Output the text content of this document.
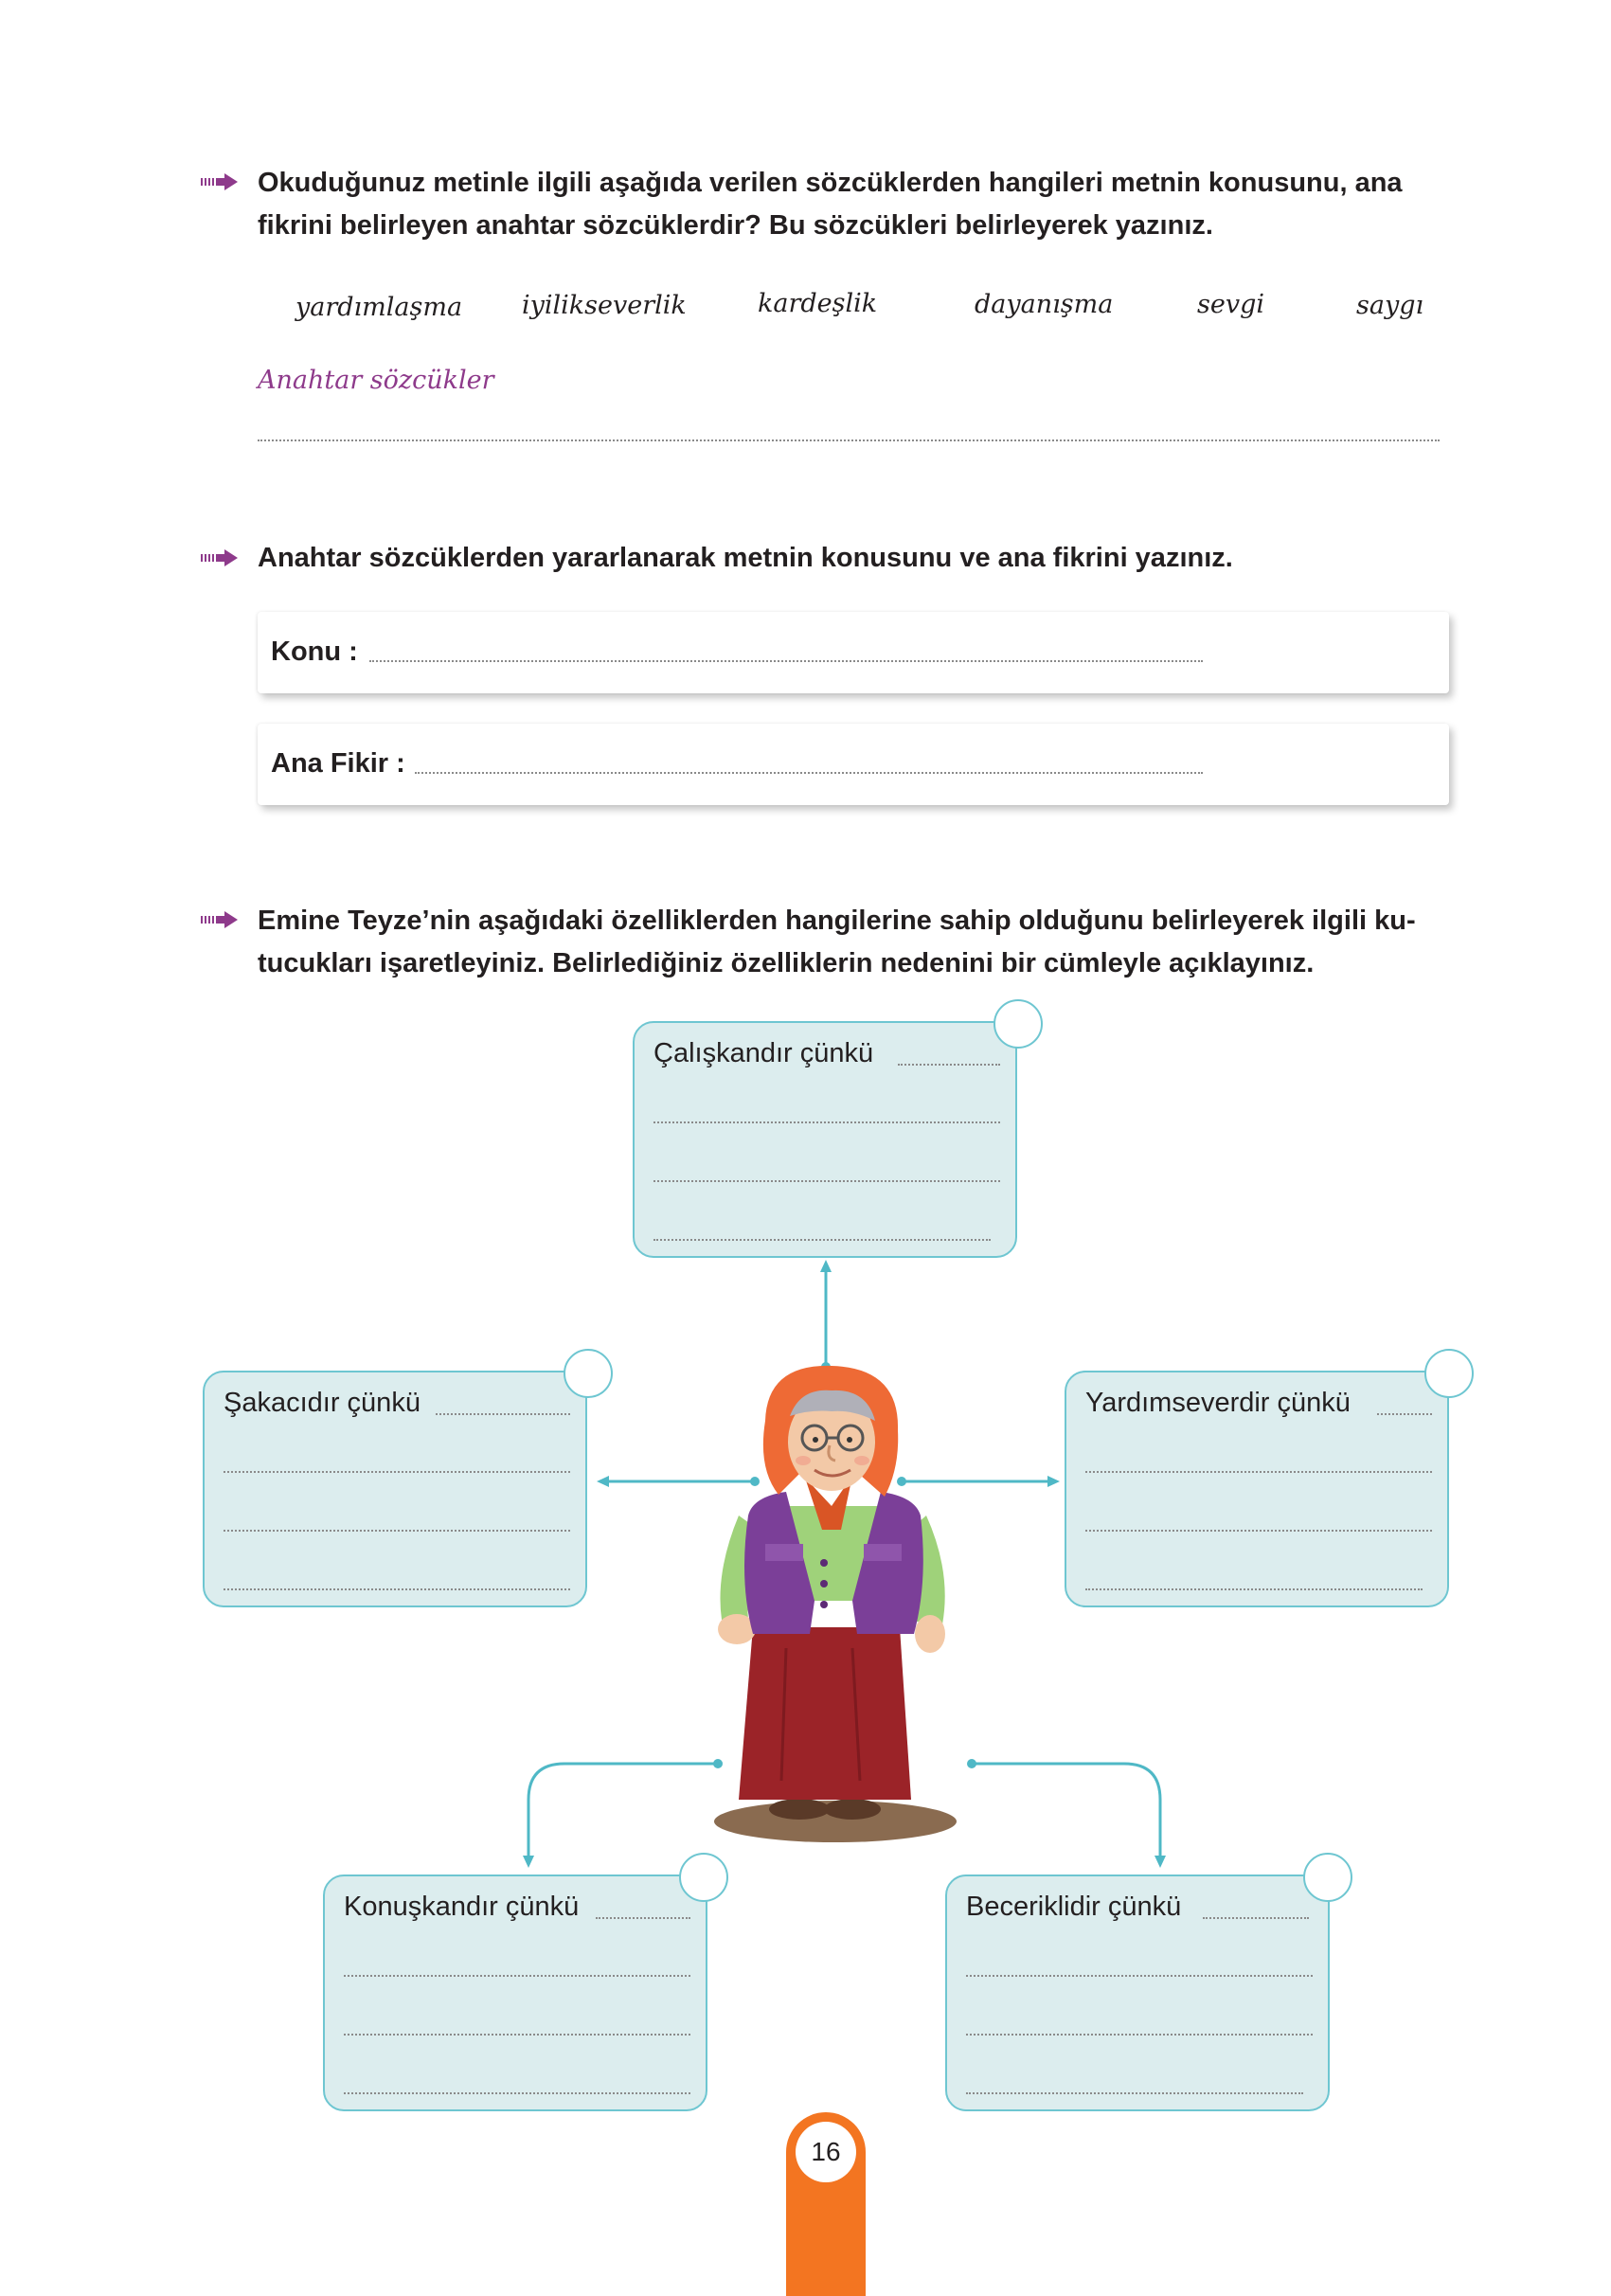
Okuduğunuz metinle ilgili aşağıda verilen sözcüklerden hangileri metnin konusunu, ana
fikrini belirleyen anahtar sözcüklerdir? Bu sözcükleri belirleyerek yazınız.
yardımlaşma iyilikseverlik	kardeşlik	dayanışma	sevgi	saygı
Anahtar sözcükler
Anahtar sözcüklerden yararlanarak metnin konusunu ve ana fikrini yazınız.
Konu :
Ana Fikir :
Emine Teyze’nin aşağıdaki özelliklerden hangilerine sahip olduğunu belirleyerek ilgili ku-
tucukları işaretleyiniz. Belirlediğiniz özelliklerin nedenini bir cümleyle açıklayınız.
Çalışkandır çünkü
Şakacıdır çünkü	Yardımseverdir çünkü
Konuşkandır çünkü	Beceriklidir çünkü
16
